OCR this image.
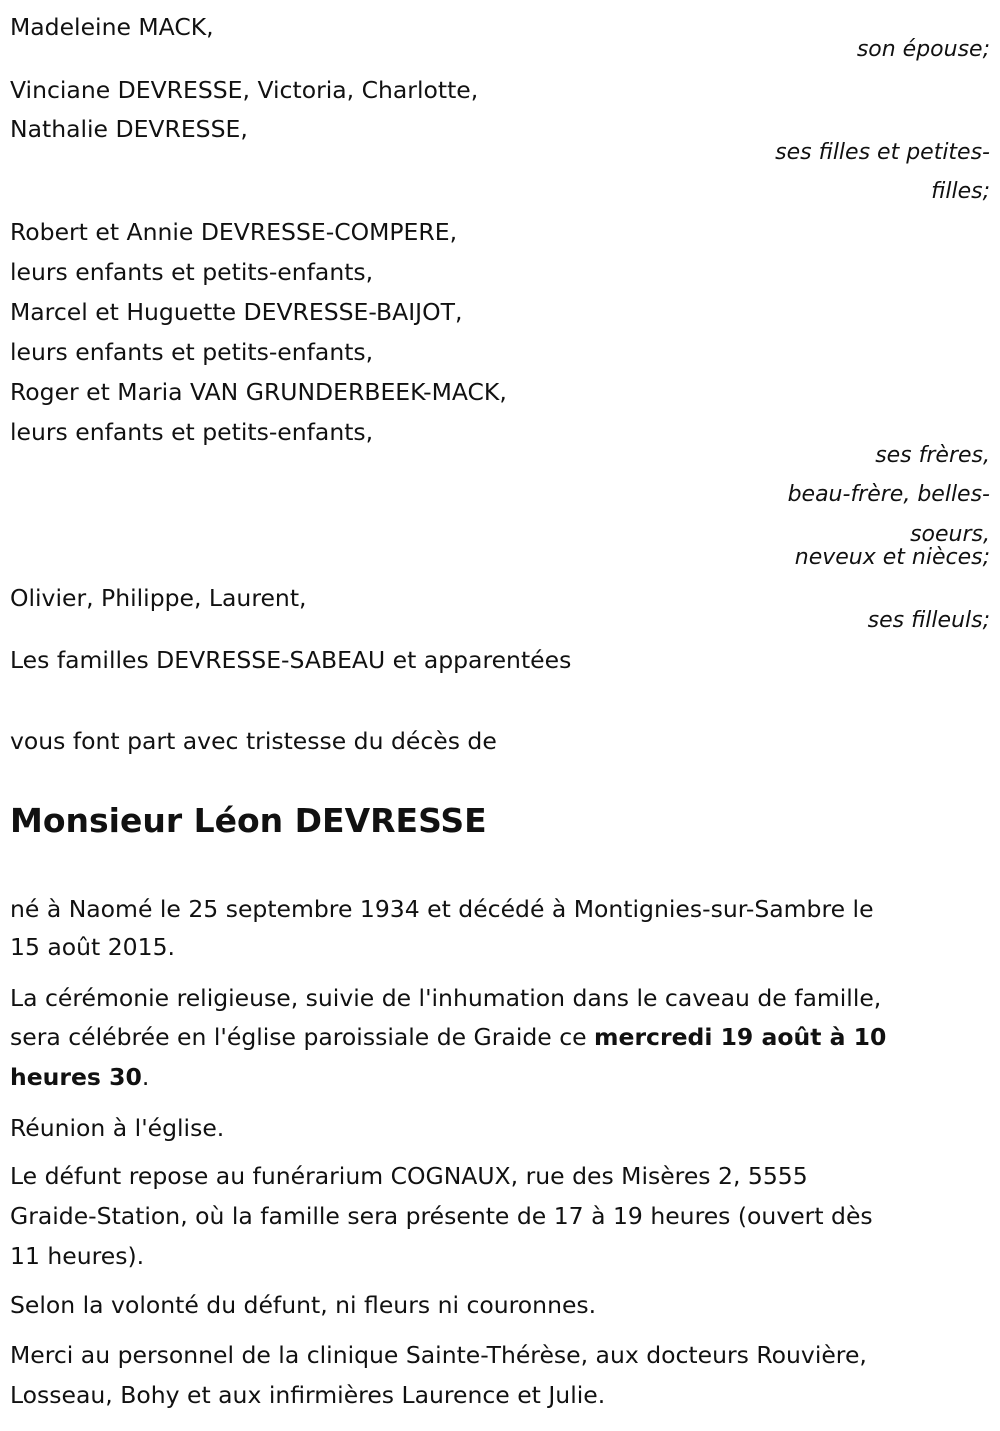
Madeleine MACK,
Vinciane DEVRESSE, Victoria, Charlotte,
Nathalie DEVRESSE,
Robert et Annie DEVRESSE-COMPERE,
leurs enfants et petits-enfants,
Marcel et Huguette DEVRESSE-BAIJOT,
leurs enfants et petits-enfants,
Roger et Maria VAN GRUNDERBEEK-MACK,
leurs enfants et petits-enfants,
Olivier, Philippe, Laurent,
Les familles DEVRESSE-SABEAU et apparentées
vous font part avec tristesse du décès de
son épouse;
ses filles et petites-
filles;
ses frères,
beau-frère, belles-
soeurs,
neveux et nièces;
ses filleuls;
Monsieur Léon DEVRESSE
né à Naomé le 25 septembre 1934 et décédé à Montignies-sur-Sambre le
15 août 2015.
La cérémonie religieuse, suivie de l'inhumation dans le caveau de famille,
sera célébrée en l'église paroissiale de Graide ce mercredi 19 août à 10
heures 30.
Réunion à l'église.
Le défunt repose au funérarium COGNAUX, rue des Misères 2, 5555
Graide-Station, où la famille sera présente de 17 à 19 heures (ouvert dès
11 heures).
Selon la volonté du défunt, ni fleurs ni couronnes.
Merci au personnel de la clinique Sainte-Thérèse, aux docteurs Rouvière,
Losseau, Bohy et aux infirmières Laurence et Julie.
